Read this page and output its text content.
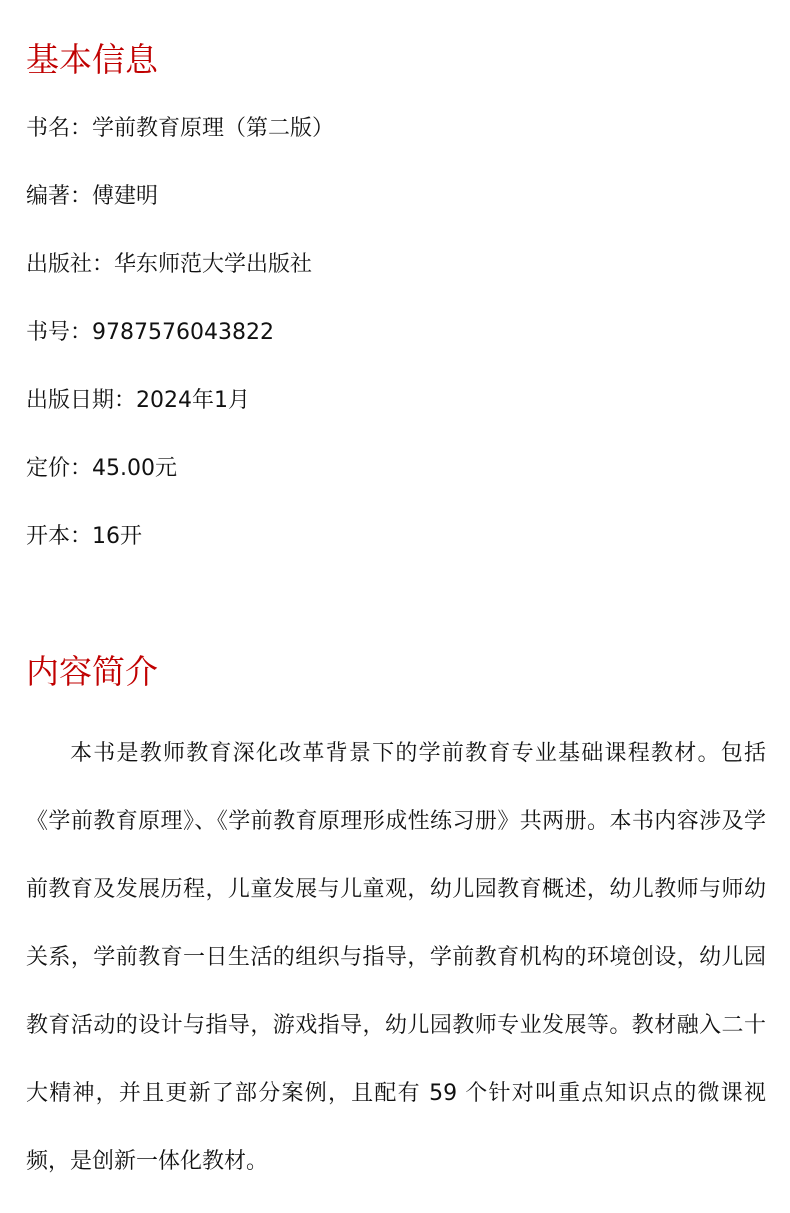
基本信息
书名：学前教育原理（第二版）
编著：傅建明
出版社：华东师范大学出版社
书号：9787576043822
出版日期：2024年1月
定价：45.00元
开本：16开
内容简介

本书是教师教育深化改革背景下的学前教育专业基础课程教材。包括《学前教育原理》、《学前教育原理形成性练习册》共两册。本书内容涉及学前教育及发展历程，儿童发展与儿童观，幼儿园教育概述，幼儿教师与师幼关系，学前教育一日生活的组织与指导，学前教育机构的环境创设，幼儿园教育活动的设计与指导，游戏指导，幼儿园教师专业发展等。教材融入二十大精神，并且更新了部分案例，且配有 59 个针对叫重点知识点的微课视频，是创新一体化教材。
